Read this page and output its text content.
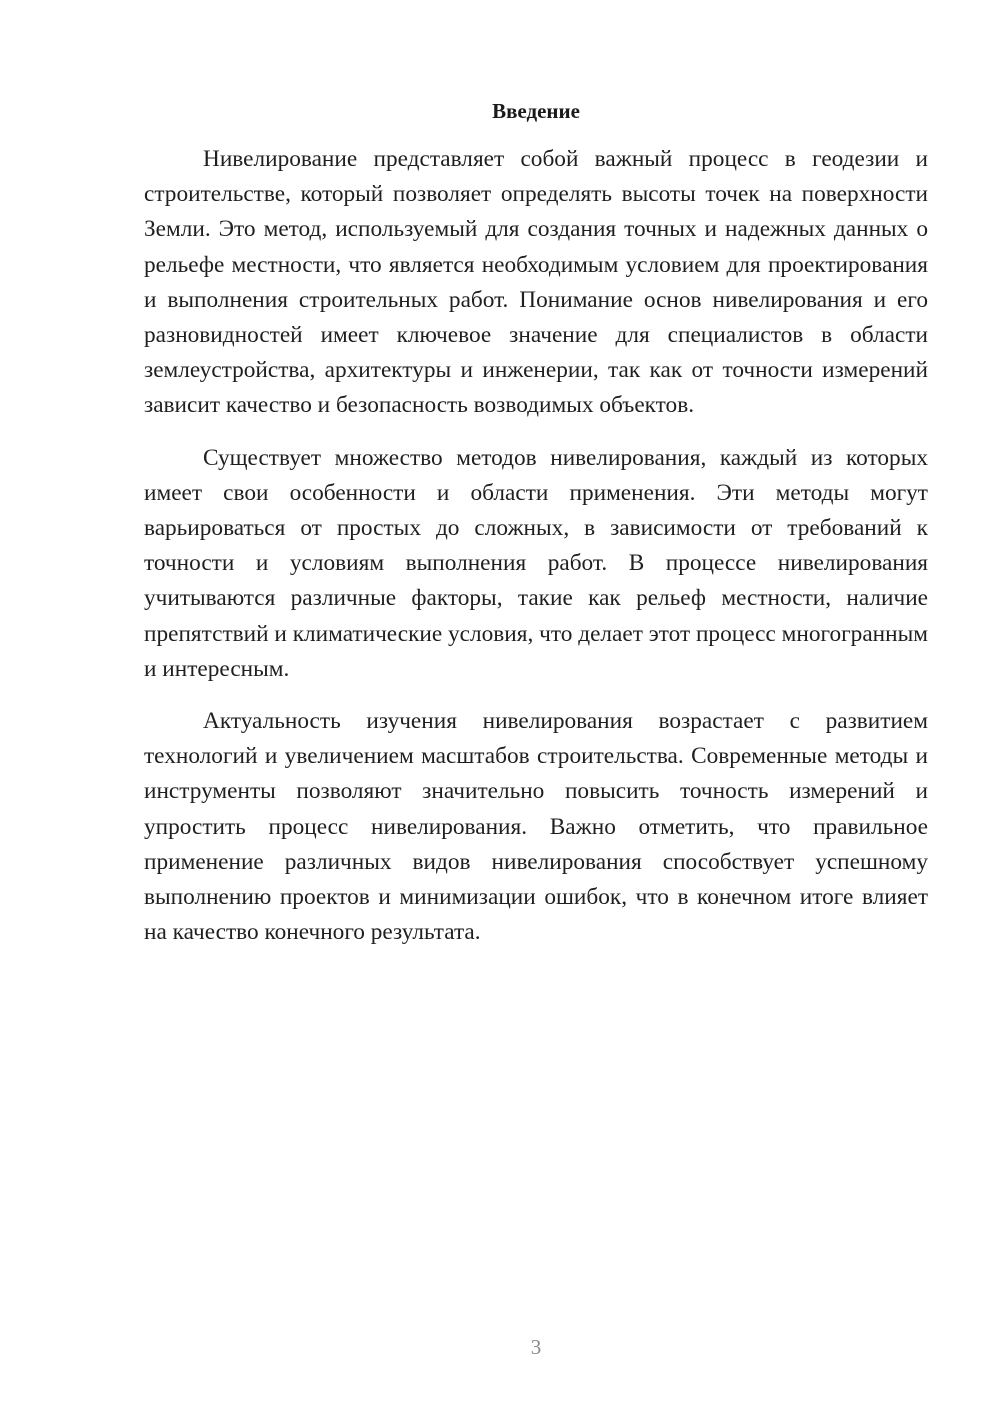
Введение

Нивелирование представляет собой важный процесс в геодезии и строительстве, который позволяет определять высоты точек на поверхности Земли. Это метод, используемый для создания точных и надежных данных о рельефе местности, что является необходимым условием для проектирования и выполнения строительных работ. Понимание основ нивелирования и его разновидностей имеет ключевое значение для специалистов в области землеустройства, архитектуры и инженерии, так как от точности измерений зависит качество и безопасность возводимых объектов.

Существует множество методов нивелирования, каждый из которых имеет свои особенности и области применения. Эти методы могут варьироваться от простых до сложных, в зависимости от требований к точности и условиям выполнения работ. В процессе нивелирования учитываются различные факторы, такие как рельеф местности, наличие препятствий и климатические условия, что делает этот процесс многогранным и интересным.

Актуальность изучения нивелирования возрастает с развитием технологий и увеличением масштабов строительства. Современные методы и инструменты позволяют значительно повысить точность измерений и упростить процесс нивелирования. Важно отметить, что правильное применение различных видов нивелирования способствует успешному выполнению проектов и минимизации ошибок, что в конечном итоге влияет на качество конечного результата.

3
